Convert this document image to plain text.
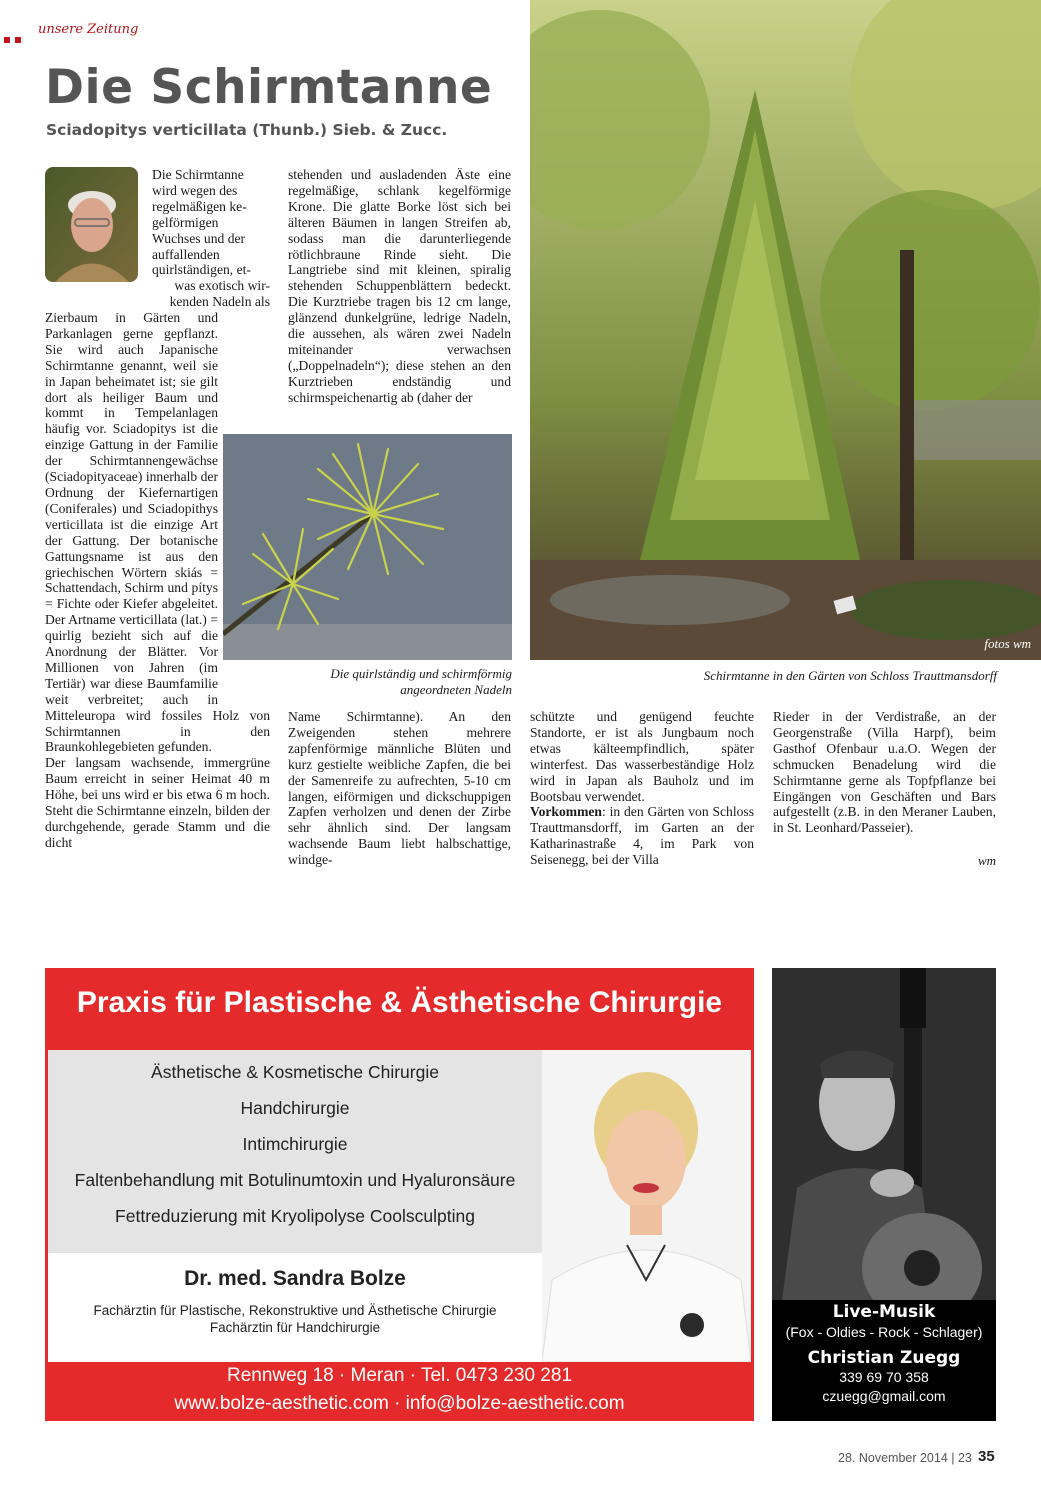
unsere Zeitung
Die Schirmtanne
Sciadopitys verticillata (Thunb.) Sieb. & Zucc.
Die Schirmtanne
wird wegen des
regelmäßigen ke-
gelförmigen
Wuchses und der
auffallenden
quirlständigen, et-
was exotisch wir-
kenden Nadeln als

Zierbaum in Gärten und Parkanlagen gerne gepflanzt. Sie wird auch Japanische Schirmtanne genannt, weil sie in Japan beheimatet ist; sie gilt dort als heiliger Baum und kommt in Tempelanlagen häufig vor. Sciadopitys ist die einzige Gattung in der Familie der Schirmtannengewächse (Sciadopityaceae) innerhalb der Ordnung der Kiefernartigen (Coniferales) und Sciadopithys verticillata ist die einzige Art der Gattung. Der botanische Gattungsname ist aus den griechischen Wörtern skiás = Schattendach, Schirm und pítys = Fichte oder Kiefer abgeleitet. Der Artname verticillata (lat.) = quirlig bezieht sich auf die Anordnung der Blätter. Vor Millionen von Jahren (im Tertiär) war diese Baumfamilie weit verbreitet; auch in Mitteleuropa wird fossiles Holz von Schirmtannen in den Braunkohlegebieten gefunden.

Der langsam wachsende, immergrüne Baum erreicht in seiner Heimat 40 m Höhe, bei uns wird er bis etwa 6 m hoch. Steht die Schirmtanne einzeln, bilden der durchgehende, gerade Stamm und die dicht

stehenden und ausladenden Äste eine regelmäßige, schlank kegelförmige Krone. Die glatte Borke löst sich bei älteren Bäumen in langen Streifen ab, sodass man die darunterliegende rötlichbraune Rinde sieht. Die Langtriebe sind mit kleinen, spiralig stehenden Schuppenblättern bedeckt. Die Kurztriebe tragen bis 12 cm lange, glänzend dunkelgrüne, ledrige Nadeln, die aussehen, als wären zwei Nadeln miteinander verwachsen („Doppelnadeln“); diese stehen an den Kurztrieben endständig und schirmspeichenartig ab (daher der
Die quirlständig und schirmförmig
angeordneten Nadeln
Name Schirmtanne). An den Zweigenden stehen mehrere zapfenförmige männliche Blüten und kurz gestielte weibliche Zapfen, die bei der Samenreife zu aufrechten, 5-10 cm langen, eiförmigen und dickschuppigen Zapfen verholzen und denen der Zirbe sehr ähnlich sind. Der langsam wachsende Baum liebt halbschattige, windge-
fotos wm
Schirmtanne in den Gärten von Schloss Trauttmansdorff

schützte und genügend feuchte Standorte, er ist als Jungbaum noch etwas kälteempfindlich, später winterfest. Das wasserbeständige Holz wird in Japan als Bauholz und im Bootsbau verwendet.

Vorkommen: in den Gärten von Schloss Trauttmansdorff, im Garten an der Katharinastraße 4, im Park von Seisenegg, bei der Villa

Rieder in der Verdistraße, an der Georgenstraße (Villa Harpf), beim Gasthof Ofenbaur u.a.O. Wegen der schmucken Benadelung wird die Schirmtanne gerne als Topfpflanze bei Eingängen von Geschäften und Bars aufgestellt (z.B. in den Meraner Lauben, in St. Leonhard/Passeier).
wm
Praxis für Plastische & Ästhetische Chirurgie
Ästhetische & Kosmetische Chirurgie
Handchirurgie
Intimchirurgie
Faltenbehandlung mit Botulinumtoxin und Hyaluronsäure
Fettreduzierung mit Kryolipolyse Coolsculpting
Dr. med. Sandra Bolze
Fachärztin für Plastische, Rekonstruktive und Ästhetische Chirurgie
Fachärztin für Handchirurgie
Rennweg 18 · Meran · Tel. 0473 230 281
www.bolze-aesthetic.com · info@bolze-aesthetic.com
Live-Musik
(Fox - Oldies - Rock - Schlager)
Christian Zuegg
339 69 70 358
czuegg@gmail.com
28. November 2014 | 23 35
